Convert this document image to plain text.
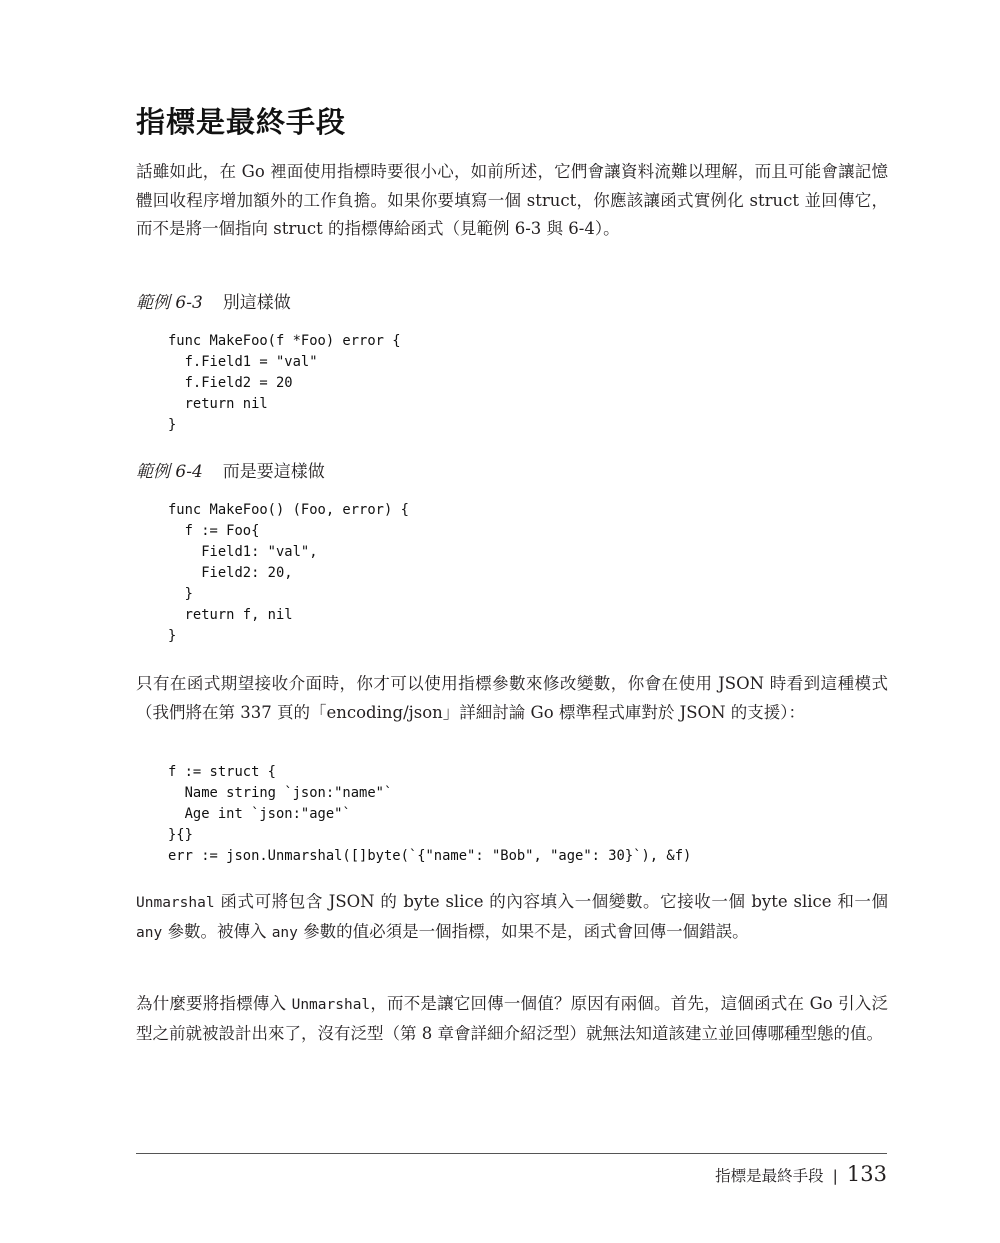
指標是最終手段

話雖如此，在 Go 裡面使用指標時要很小心，如前所述，它們會讓資料流難以理解，而且可能會讓記憶體回收程序增加額外的工作負擔。如果你要填寫一個 struct，你應該讓函式實例化 struct 並回傳它，而不是將一個指向 struct 的指標傳給函式（見範例 6-3 與 6-4）。

範例 6-3 別這樣做
func MakeFoo(f *Foo) error {
f.Field1 = "val"
f.Field2 = 20
return nil
}
範例 6-4 而是要這樣做
func MakeFoo() (Foo, error) {
f := Foo{
Field1: "val",
Field2: 20,
}
return f, nil
}

只有在函式期望接收介面時，你才可以使用指標參數來修改變數，你會在使用 JSON 時看到這種模式（我們將在第 337 頁的「encoding/json」詳細討論 Go 標準程式庫對於 JSON 的支援）：

f := struct {
Name string `json:"name"`
Age int `json:"age"`
}{}
err := json.Unmarshal([]byte(`{"name": "Bob", "age": 30}`), &f)

Unmarshal 函式可將包含 JSON 的 byte slice 的內容填入一個變數。它接收一個 byte slice 和一個 any 參數。被傳入 any 參數的值必須是一個指標，如果不是，函式會回傳一個錯誤。

為什麼要將指標傳入 Unmarshal，而不是讓它回傳一個值？原因有兩個。首先，這個函式在 Go 引入泛型之前就被設計出來了，沒有泛型（第 8 章會詳細介紹泛型）就無法知道該建立並回傳哪種型態的值。

指標是最終手段 | 133
